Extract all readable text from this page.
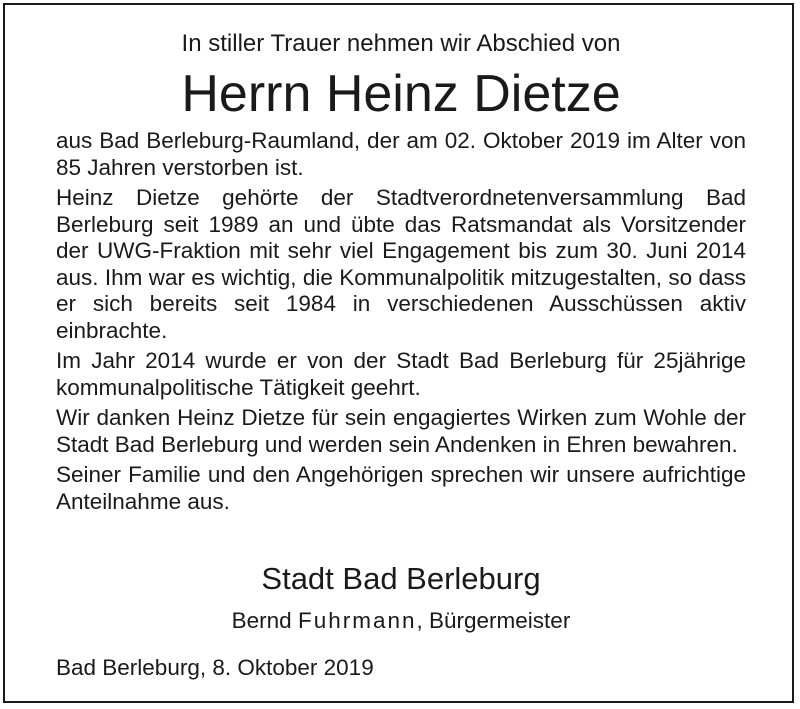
In stiller Trauer nehmen wir Abschied von
Herrn Heinz Dietze

aus Bad Berleburg-Raumland, der am 02. Oktober 2019 im Alter von 85 Jahren verstorben ist.

Heinz Dietze gehörte der Stadtverordnetenversammlung Bad Berleburg seit 1989 an und übte das Ratsmandat als Vorsitzender der UWG-Fraktion mit sehr viel Engagement bis zum 30. Juni 2014 aus. Ihm war es wichtig, die Kommunalpolitik mitzugestalten, so dass er sich bereits seit 1984 in verschiedenen Ausschüssen aktiv einbrachte.

Im Jahr 2014 wurde er von der Stadt Bad Berleburg für 25jährige kommunalpolitische Tätigkeit geehrt.

Wir danken Heinz Dietze für sein engagiertes Wirken zum Wohle der Stadt Bad Berleburg und werden sein Andenken in Ehren bewahren.

Seiner Familie und den Angehörigen sprechen wir unsere aufrichtige Anteilnahme aus.

Stadt Bad Berleburg
Bernd Fuhrmann, Bürgermeister
Bad Berleburg, 8. Oktober 2019
